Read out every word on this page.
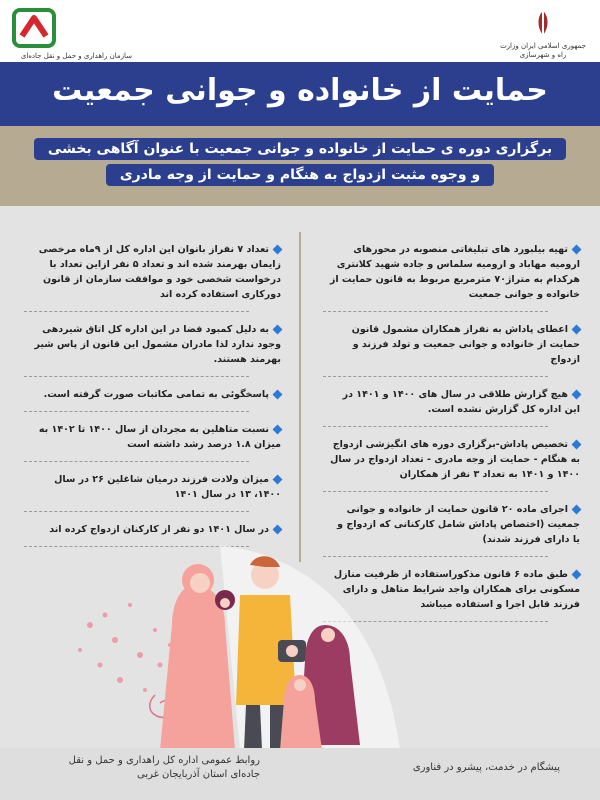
سازمان راهداری و حمل و نقل جاده‌ای
جمهوری اسلامی ایران وزارت راه و شهرسازی
حمایت از خانواده و جوانی جمعیت
برگزاری دوره ی حمایت از خانواده و جوانی جمعیت با عنوان آگاهی بخشی
و وجوه مثبت ازدواج به هنگام و حمایت از وجه مادری
تهیه بیلبورد های تبلیغاتی منصوبه در محورهای ارومیه مهاباد و ارومیه سلماس و جاده شهید کلانتری هرکدام به متراژ۷۰ مترمربع مربوط به قانون حمایت از خانواده و جوانی جمعیت
اعطای پاداش به نفراز همکاران مشمول قانون حمایت از خانواده و جوانی جمعیت و تولد فرزند و ازدواج
هیچ گزارش طلاقی در سال های ۱۴۰۰ و ۱۴۰۱ در این اداره کل گزارش نشده است.
تخصیص پاداش-برگزاری دوره های انگیزشی ازدواج به هنگام - حمایت از وجه مادری - تعداد ازدواج در سال ۱۴۰۰ و ۱۴۰۱ به تعداد ۳ نفر از همکاران
اجرای ماده ۲۰ قانون حمایت از خانواده و جوانی جمعیت (اختصاص پاداش شامل کارکنانی که ازدواج و یا دارای فرزند شدند)
طبق ماده ۶ قانون مذکوراستفاده از ظرفیت منازل مسکونی برای همکاران واجد شرایط متاهل و دارای فرزند قابل اجرا و استفاده میباشد
تعداد ۷ نفراز بانوان این اداره کل از ۹ماه مرخصی زایمان بهرمند شده اند و تعداد ۵ نفر ازاین تعداد با درخواست شخصی خود و موافقت سازمان از قانون دورکاری استفاده کرده اند
به دلیل کمبود فضا در این اداره کل اتاق شیردهی وجود ندارد لذا مادران مشمول این قانون از پاس شیر بهرمند هستند.
پاسخگوئی به تمامی مکاتبات صورت گرفته است.
نسبت متاهلین به مجردان از سال ۱۴۰۰ تا ۱۴۰۲ به میزان ۱.۸ درصد رشد داشته است
میزان ولادت فرزند درمیان شاغلین ۲۶ در سال ۱۴۰۰، ۱۳ در سال ۱۴۰۱
در سال ۱۴۰۱ دو نفر از کارکنان ازدواج کرده اند
روابط عمومی اداره کل راهداری و حمل و نقل جاده‌ای استان آذربایجان غربی
پیشگام در خدمت، پیشرو در فناوری
